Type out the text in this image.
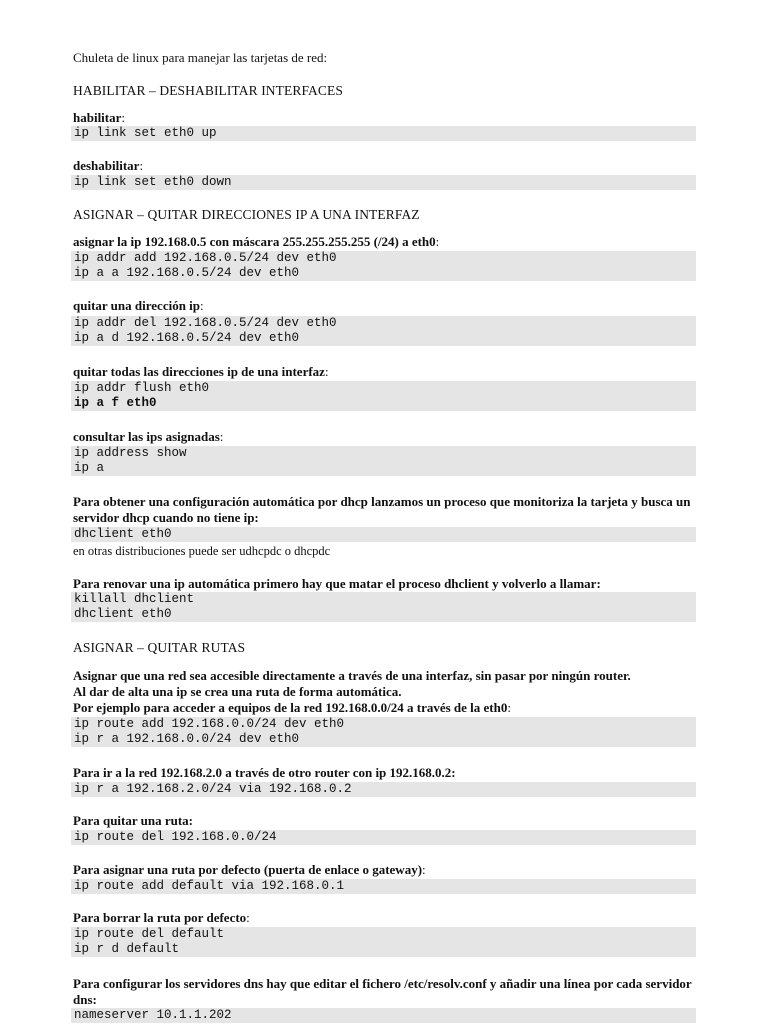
Chuleta de linux para manejar las tarjetas de red:
HABILITAR – DESHABILITAR INTERFACES
habilitar:
ip link set eth0 up
deshabilitar:
ip link set eth0 down
ASIGNAR – QUITAR DIRECCIONES IP A UNA INTERFAZ
asignar la ip 192.168.0.5 con máscara 255.255.255.255 (/24) a eth0:
ip addr add 192.168.0.5/24 dev eth0
ip a a 192.168.0.5/24 dev eth0
quitar una dirección ip:
ip addr del 192.168.0.5/24 dev eth0
ip a d 192.168.0.5/24 dev eth0
quitar todas las direcciones ip de una interfaz:
ip addr flush eth0
ip a f eth0
consultar las ips asignadas:
ip address show
ip a
Para obtener una configuración automática por dhcp lanzamos un proceso que monitoriza la tarjeta y busca un servidor dhcp cuando no tiene ip:
dhclient eth0
en otras distribuciones puede ser udhcpdc o dhcpdc
Para renovar una ip automática primero hay que matar el proceso dhclient y volverlo a llamar:
killall dhclient
dhclient eth0
ASIGNAR – QUITAR RUTAS
Asignar que una red sea accesible directamente a través de una interfaz, sin pasar por ningún router.
Al dar de alta una ip se crea una ruta de forma automática.
Por ejemplo para acceder a equipos de la red 192.168.0.0/24 a través de la eth0:
ip route add 192.168.0.0/24 dev eth0
ip r a 192.168.0.0/24 dev eth0
Para ir a la red 192.168.2.0 a través de otro router con ip 192.168.0.2:
ip r a 192.168.2.0/24 via 192.168.0.2
Para quitar una ruta:
ip route del 192.168.0.0/24
Para asignar una ruta por defecto (puerta de enlace o gateway):
ip route add default via 192.168.0.1
Para borrar la ruta por defecto:
ip route del default
ip r d default
Para configurar los servidores dns hay que editar el fichero /etc/resolv.conf y añadir una línea por cada servidor dns:
nameserver 10.1.1.202
